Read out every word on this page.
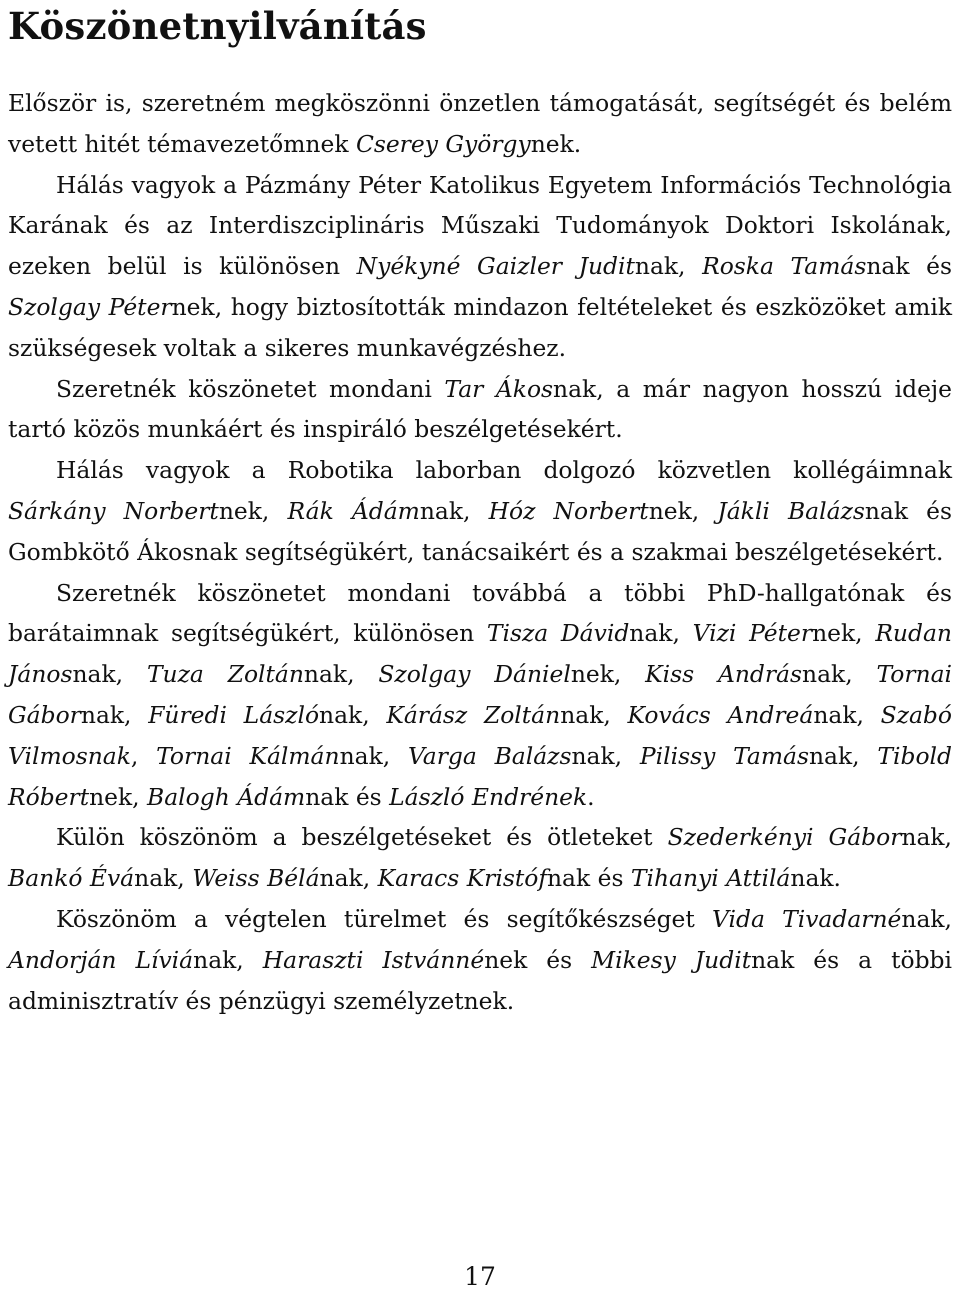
Köszönetnyilvánítás

Először is, szeretném megköszönni önzetlen támogatását, segítségét és belém vetett hitét témavezetőmnek Cserey Györgynek.

Hálás vagyok a Pázmány Péter Katolikus Egyetem Információs Technológia Karának és az Interdiszciplináris Műszaki Tudományok Doktori Iskolának, ezeken belül is különösen Nyékyné Gaizler Juditnak, Roska Tamásnak és Szolgay Péternek, hogy biztosították mindazon feltételeket és eszközöket amik szükségesek voltak a sikeres munkavégzéshez.

Szeretnék köszönetet mondani Tar Ákosnak, a már nagyon hosszú ideje tartó közös munkáért és inspiráló beszélgetésekért.

Hálás vagyok a Robotika laborban dolgozó közvetlen kollégáimnak Sárkány Norbertnek, Rák Ádámnak, Hóz Norbertnek, Jákli Balázsnak és Gombkötő Ákosnak segítségükért, tanácsaikért és a szakmai beszélgetésekért.

Szeretnék köszönetet mondani továbbá a többi PhD-hallgatónak és barátaimnak segítségükért, különösen Tisza Dávidnak, Vizi Péternek, Rudan Jánosnak, Tuza Zoltánnak, Szolgay Dánielnek, Kiss Andrásnak, Tornai Gábornak, Füredi Lászlónak, Kárász Zoltánnak, Kovács Andreának, Szabó Vilmosnak, Tornai Kálmánnak, Varga Balázsnak, Pilissy Tamásnak, Tibold Róbertnek, Balogh Ádámnak és László Endrének.

Külön köszönöm a beszélgetéseket és ötleteket Szederkényi Gábornak, Bankó Évának, Weiss Bélának, Karacs Kristófnak és Tihanyi Attilának.

Köszönöm a végtelen türelmet és segítőkészséget Vida Tivadarnénak, Andorján Líviának, Haraszti Istvánnének és Mikesy Juditnak és a többi adminisztratív és pénzügyi személyzetnek.

17
